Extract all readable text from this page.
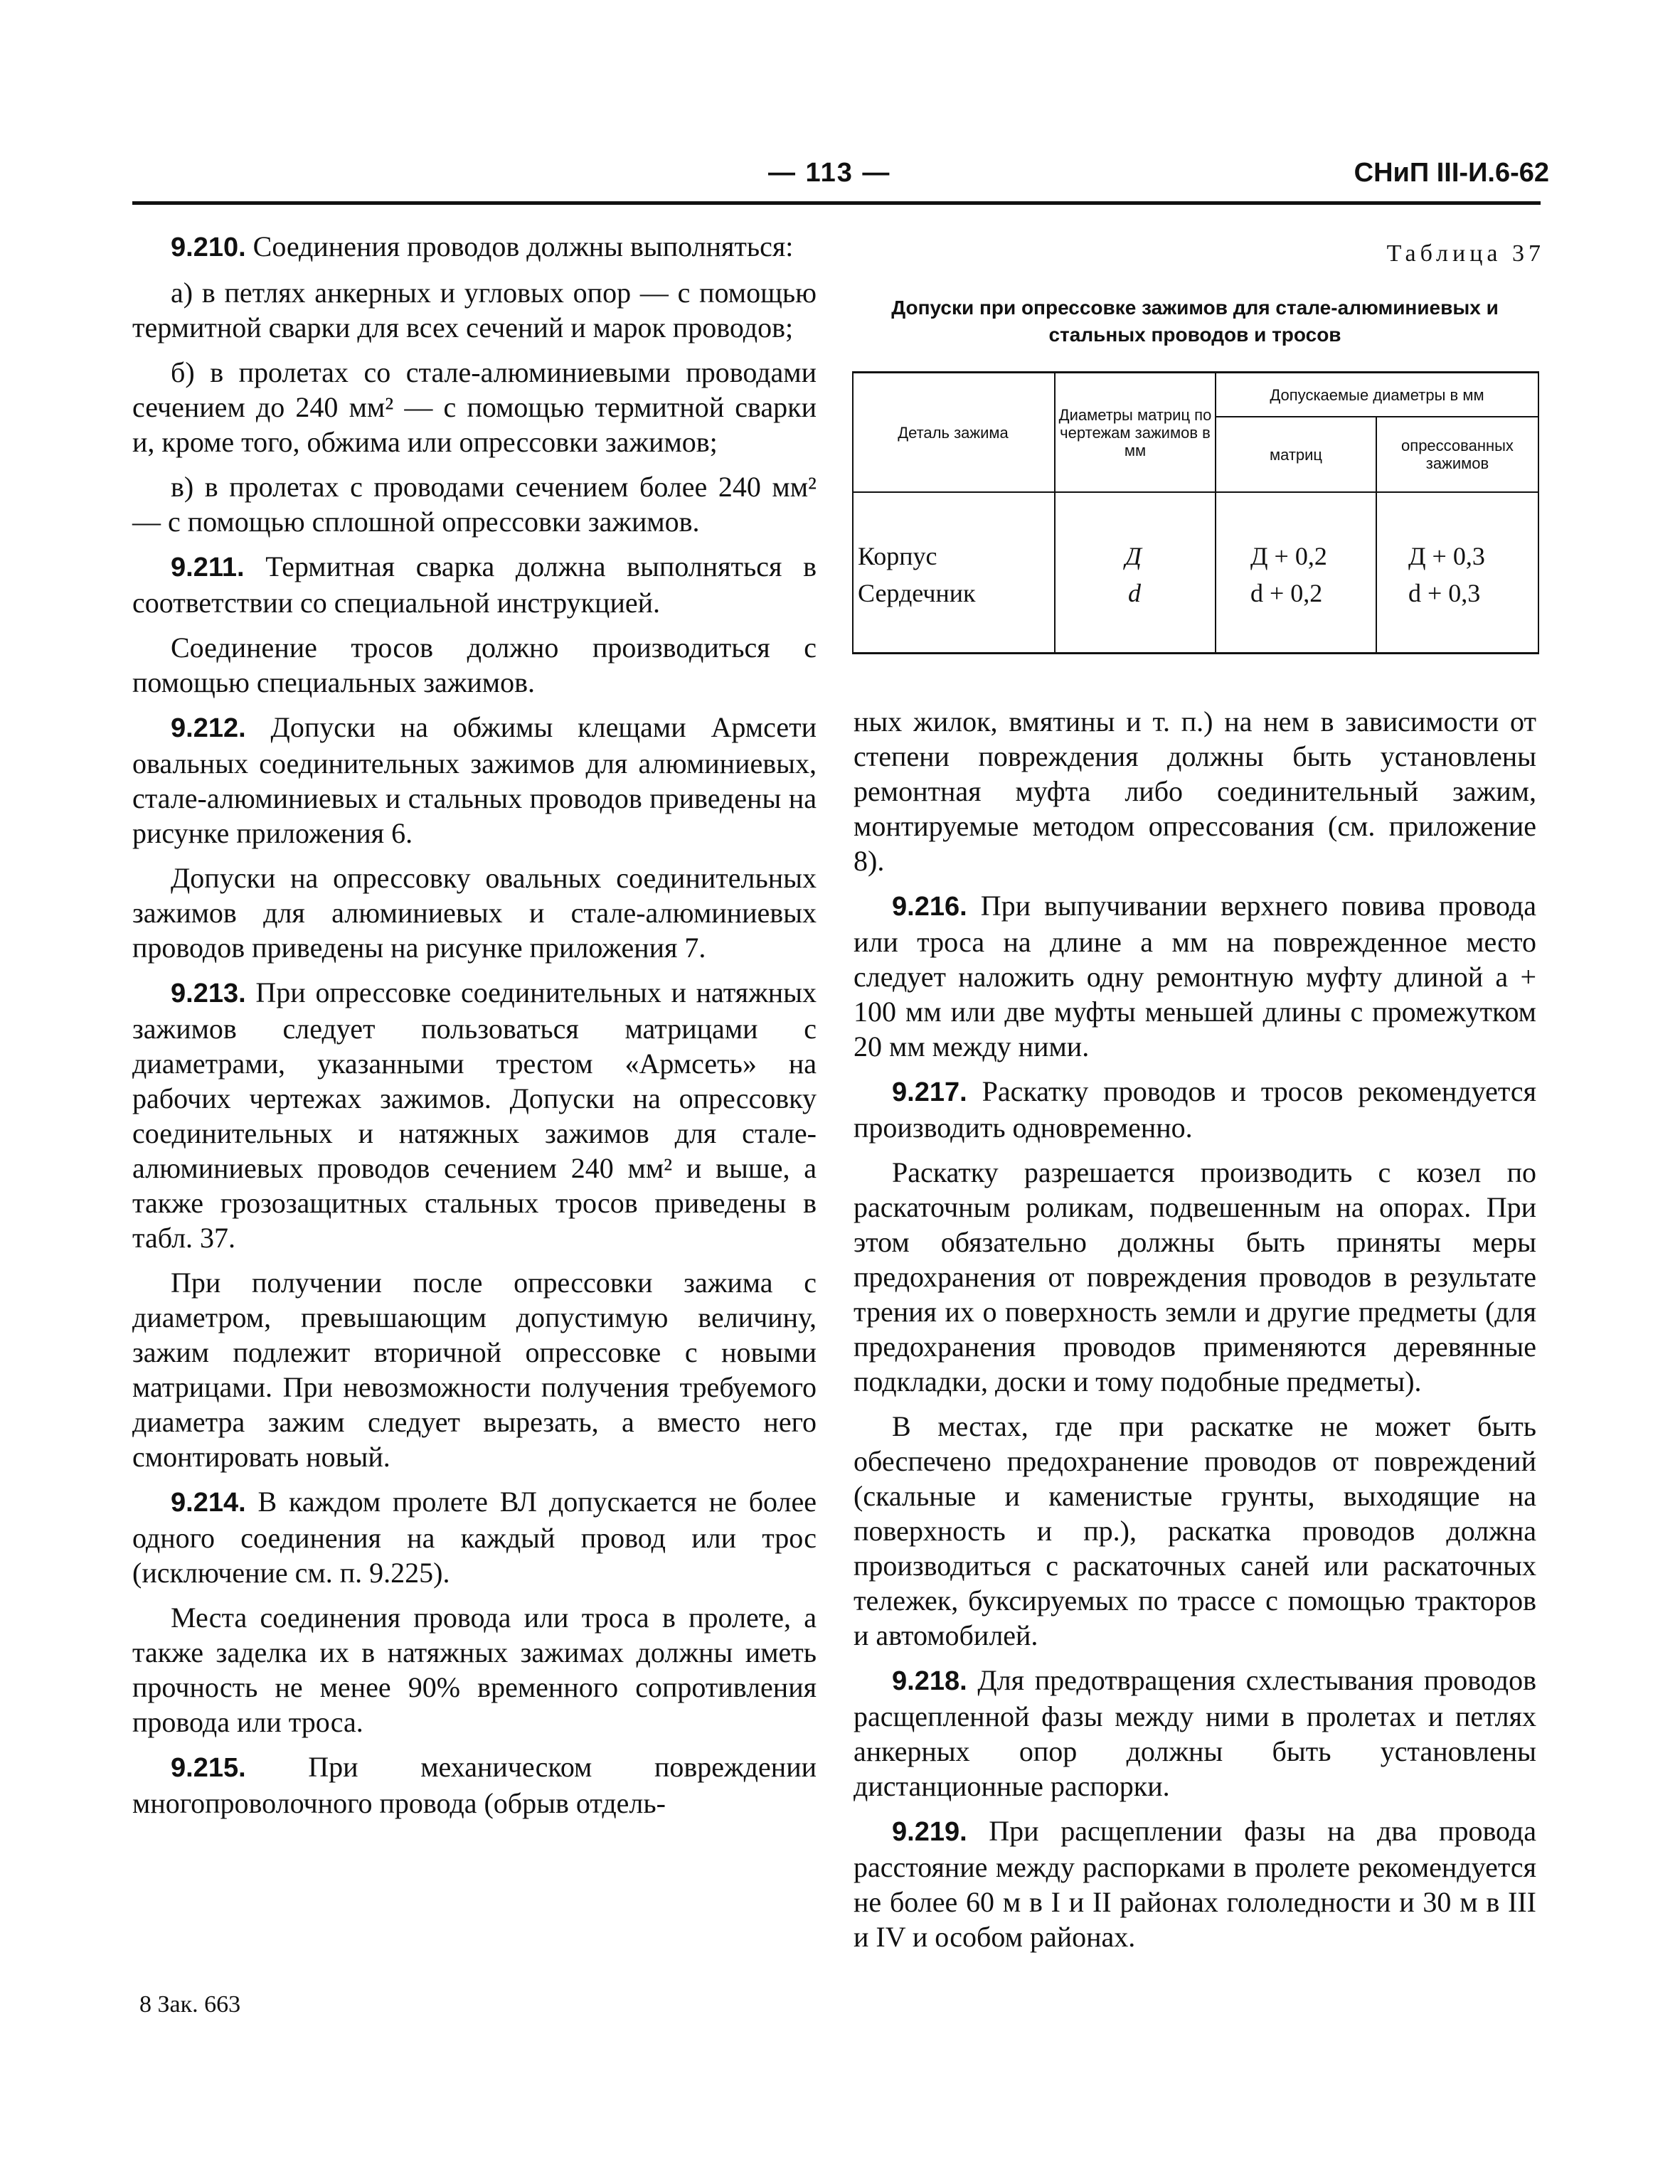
— 113 —	СНиП III-И.6-62

9.210. Соединения проводов должны выполняться:

а) в петлях анкерных и угловых опор — с помощью термитной сварки для всех сечений и марок проводов;

б) в пролетах со стале-алюминиевыми проводами сечением до 240 мм² — с помощью термитной сварки и, кроме того, обжима или опрессовки зажимов;

в) в пролетах с проводами сечением более 240 мм² — с помощью сплошной опрессовки зажимов.

9.211. Термитная сварка должна выполняться в соответствии со специальной инструкцией.

Соединение тросов должно производиться с помощью специальных зажимов.

9.212. Допуски на обжимы клещами Армсети овальных соединительных зажимов для алюминиевых, стале-алюминиевых и стальных проводов приведены на рисунке приложения 6.

Допуски на опрессовку овальных соединительных зажимов для алюминиевых и стале-алюминиевых проводов приведены на рисунке приложения 7.

9.213. При опрессовке соединительных и натяжных зажимов следует пользоваться матрицами с диаметрами, указанными трестом «Армсеть» на рабочих чертежах зажимов. Допуски на опрессовку соединительных и натяжных зажимов для стале-алюминиевых проводов сечением 240 мм² и выше, а также грозозащитных стальных тросов приведены в табл. 37.

При получении после опрессовки зажима с диаметром, превышающим допустимую величину, зажим подлежит вторичной опрессовке с новыми матрицами. При невозможности получения требуемого диаметра зажим следует вырезать, а вместо него смонтировать новый.

9.214. В каждом пролете ВЛ допускается не более одного соединения на каждый провод или трос (исключение см. п. 9.225).

Места соединения провода или троса в пролете, а также заделка их в натяжных зажимах должны иметь прочность не менее 90% временного сопротивления провода или троса.

9.215. При механическом повреждении многопроволочного провода (обрыв отдель-

8 Зак. 663
Таблица 37
Допуски при опрессовке зажимов для стале-алюминиевых и стальных проводов и тросов
Деталь зажима
Диаметры матриц по чертежам зажимов в мм
Допускаемые диаметры в мм
матриц	опрессованных зажимов
Корпус	Д	Д + 0,2	Д + 0,3
Сердечник	d	d + 0,2	d + 0,3

ных жилок, вмятины и т. п.) на нем в зависимости от степени повреждения должны быть установлены ремонтная муфта либо соединительный зажим, монтируемые методом опрессования (см. приложение 8).

9.216. При выпучивании верхнего повива провода или троса на длине а мм на поврежденное место следует наложить одну ремонтную муфту длиной а + 100 мм или две муфты меньшей длины с промежутком 20 мм между ними.

9.217. Раскатку проводов и тросов рекомендуется производить одновременно.

Раскатку разрешается производить с козел по раскаточным роликам, подвешенным на опорах. При этом обязательно должны быть приняты меры предохранения от повреждения проводов в результате трения их о поверхность земли и другие предметы (для предохранения проводов применяются деревянные подкладки, доски и тому подобные предметы).

В местах, где при раскатке не может быть обеспечено предохранение проводов от повреждений (скальные и каменистые грунты, выходящие на поверхность и пр.), раскатка проводов должна производиться с раскаточных саней или раскаточных тележек, буксируемых по трассе с помощью тракторов и автомобилей.

9.218. Для предотвращения схлестывания проводов расщепленной фазы между ними в пролетах и петлях анкерных опор должны быть установлены дистанционные распорки.

9.219. При расщеплении фазы на два провода расстояние между распорками в пролете рекомендуется не более 60 м в I и II районах гололедности и 30 м в III и IV и особом районах.
